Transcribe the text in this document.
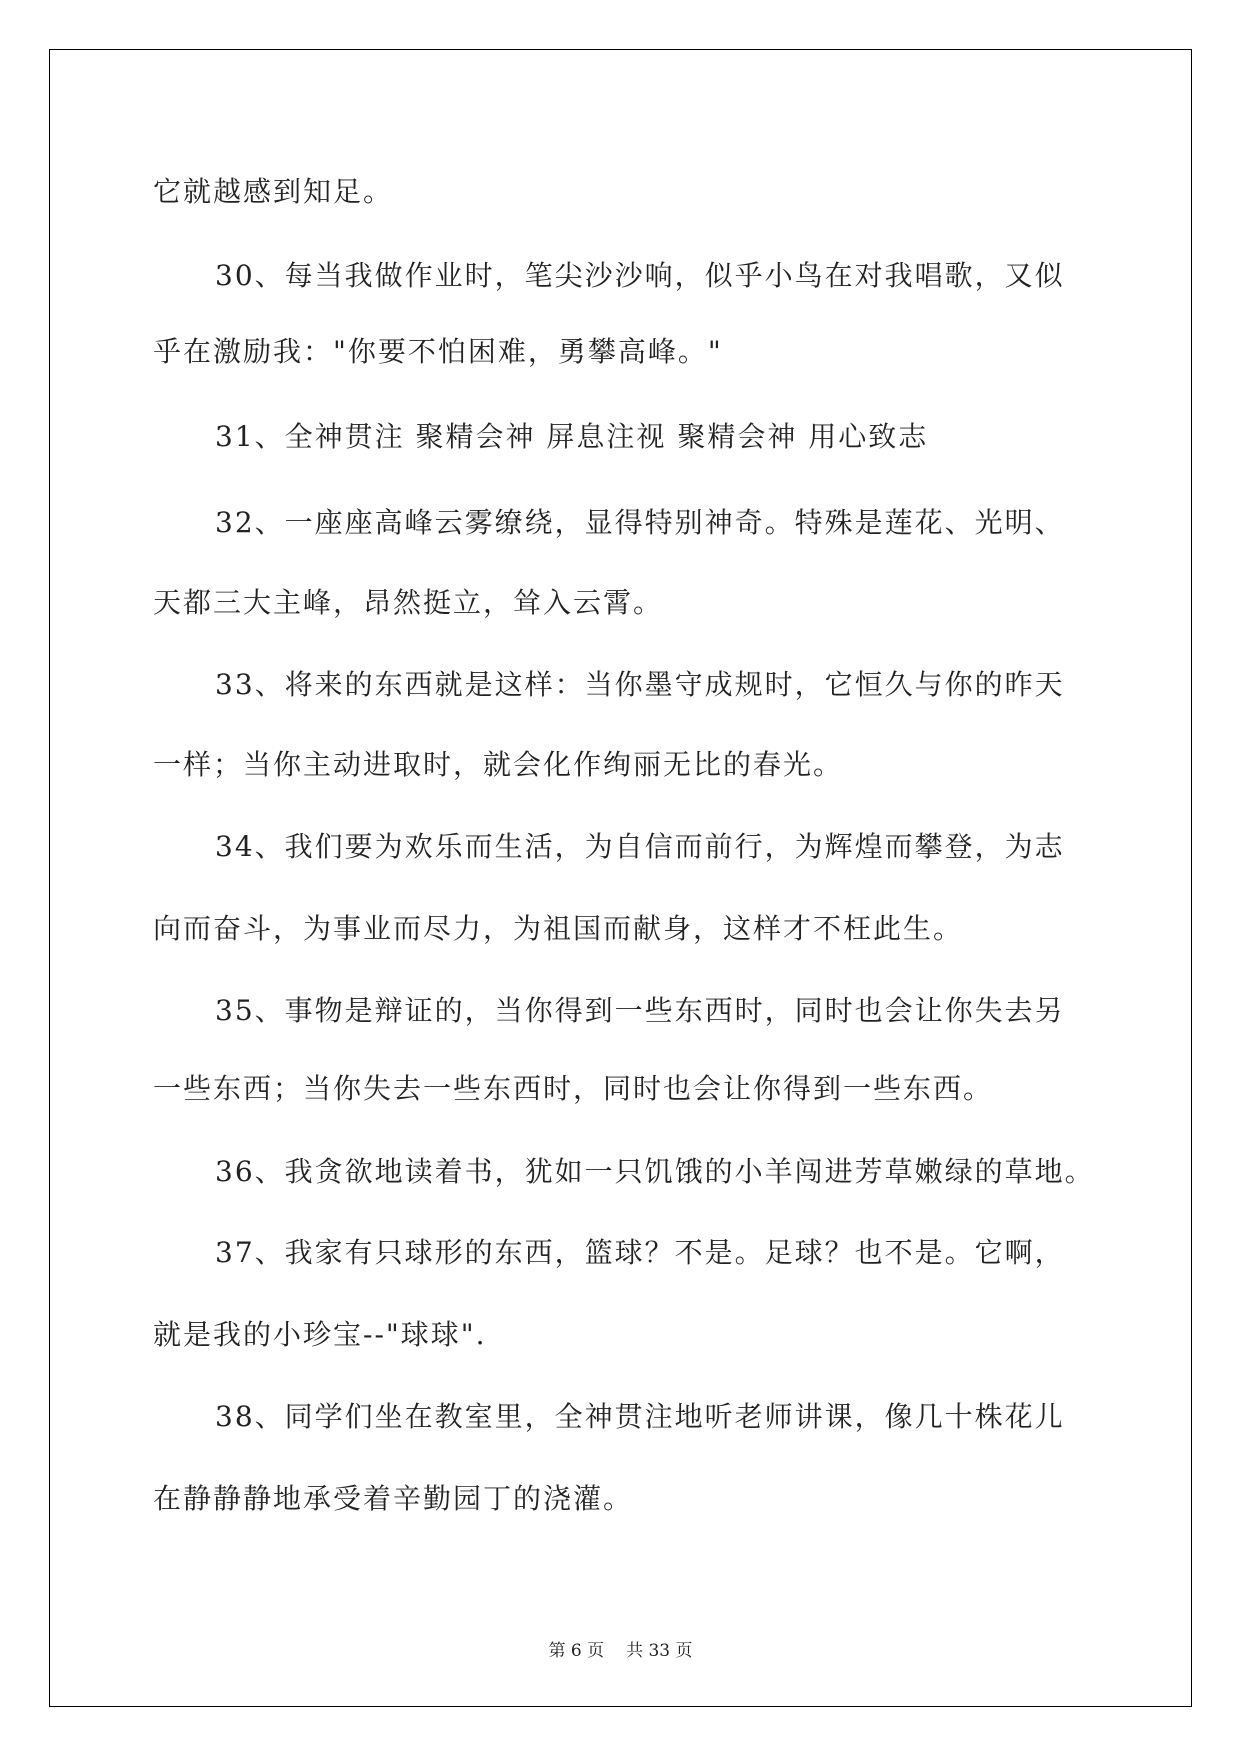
它就越感到知足。
30、每当我做作业时，笔尖沙沙响，似乎小鸟在对我唱歌，又似
乎在激励我："你要不怕困难，勇攀高峰。"
31、全神贯注 聚精会神 屏息注视 聚精会神 用心致志
32、一座座高峰云雾缭绕，显得特别神奇。特殊是莲花、光明、
天都三大主峰，昂然挺立，耸入云霄。
33、将来的东西就是这样：当你墨守成规时，它恒久与你的昨天
一样；当你主动进取时，就会化作绚丽无比的春光。
34、我们要为欢乐而生活，为自信而前行，为辉煌而攀登，为志
向而奋斗，为事业而尽力，为祖国而献身，这样才不枉此生。
35、事物是辩证的，当你得到一些东西时，同时也会让你失去另
一些东西；当你失去一些东西时，同时也会让你得到一些东西。
36、我贪欲地读着书，犹如一只饥饿的小羊闯进芳草嫩绿的草地。
37、我家有只球形的东西，篮球？不是。足球？也不是。它啊，
就是我的小珍宝--"球球".
38、同学们坐在教室里，全神贯注地听老师讲课，像几十株花儿
在静静静地承受着辛勤园丁的浇灌。
第 6 页 共 33 页
